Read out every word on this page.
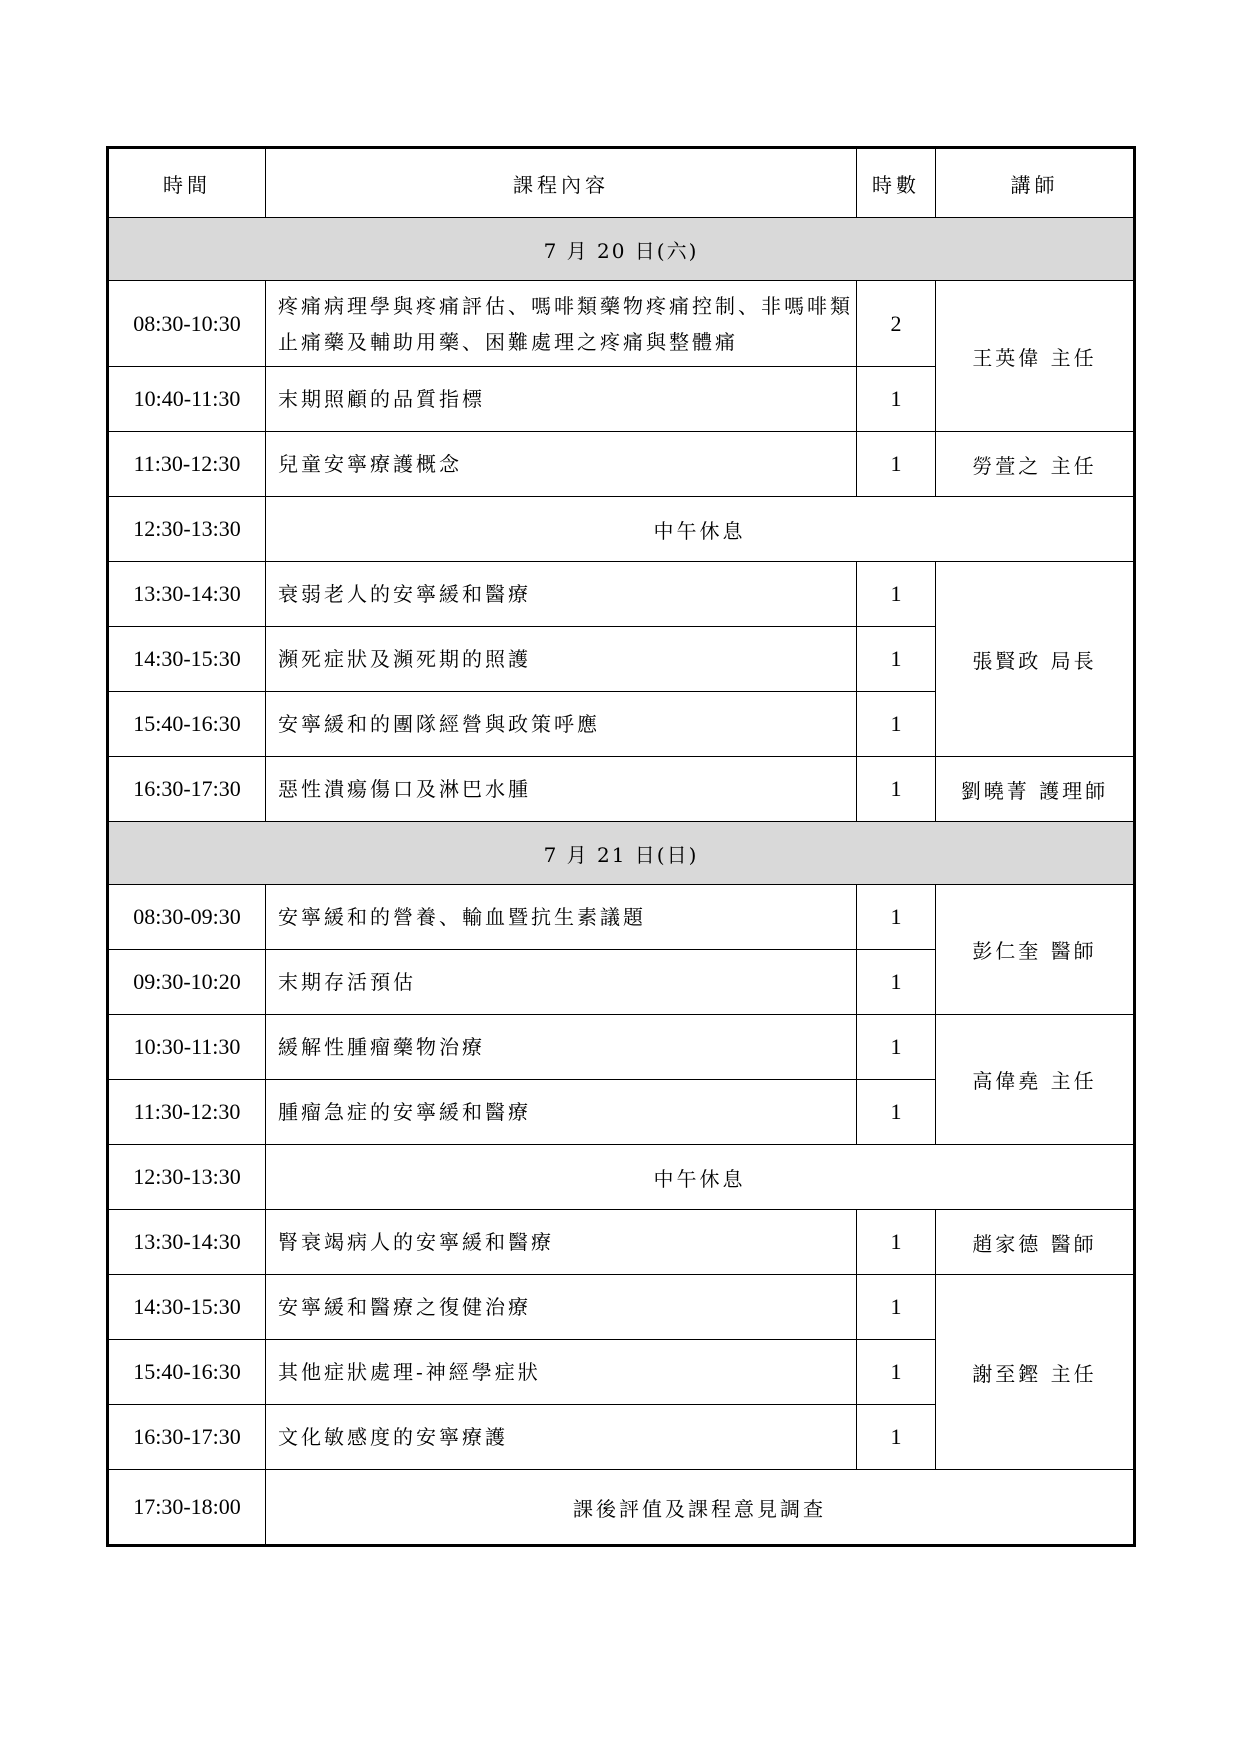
時間	課程內容	時數	講師
7 月 20 日(六)			
08:30-10:30	疼痛病理學與疼痛評估、嗎啡類藥物疼痛控制、非嗎啡類止痛藥及輔助用藥、困難處理之疼痛與整體痛	2	王英偉 主任
10:40-11:30	末期照顧的品質指標	1	
11:30-12:30	兒童安寧療護概念	1	勞萱之 主任
12:30-13:30	中午休息		
13:30-14:30	衰弱老人的安寧緩和醫療	1	張賢政 局長
14:30-15:30	瀕死症狀及瀕死期的照護	1	
15:40-16:30	安寧緩和的團隊經營與政策呼應	1	
16:30-17:30	惡性潰瘍傷口及淋巴水腫	1	劉曉菁 護理師
7 月 21 日(日)			
08:30-09:30	安寧緩和的營養、輸血暨抗生素議題	1	彭仁奎 醫師
09:30-10:20	末期存活預估	1	
10:30-11:30	緩解性腫瘤藥物治療	1	高偉堯 主任
11:30-12:30	腫瘤急症的安寧緩和醫療	1	
12:30-13:30	中午休息		
13:30-14:30	腎衰竭病人的安寧緩和醫療	1	趙家德 醫師
14:30-15:30	安寧緩和醫療之復健治療	1	謝至鏗 主任
15:40-16:30	其他症狀處理-神經學症狀	1	
16:30-17:30	文化敏感度的安寧療護	1	
17:30-18:00	課後評值及課程意見調查		
